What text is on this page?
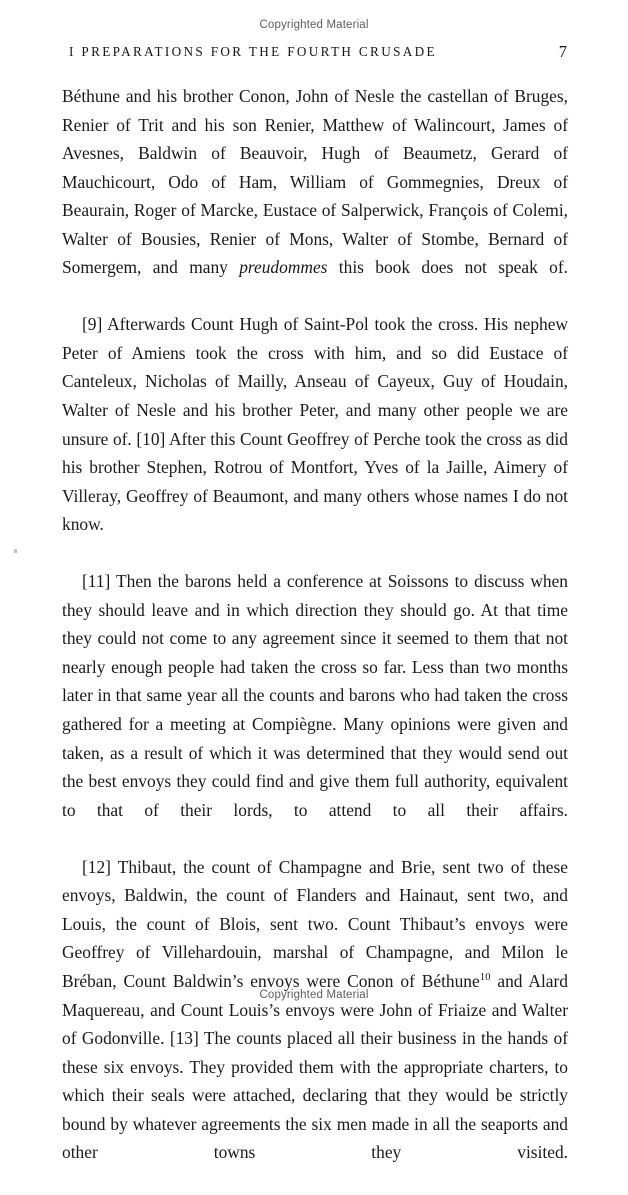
Copyrighted Material
I PREPARATIONS FOR THE FOURTH CRUSADE	7

Béthune and his brother Conon, John of Nesle the castellan of Bruges, Renier of Trit and his son Renier, Matthew of Walincourt, James of Avesnes, Baldwin of Beauvoir, Hugh of Beaumetz, Gerard of Mauchicourt, Odo of Ham, William of Gommegnies, Dreux of Beaurain, Roger of Marcke, Eustace of Salperwick, François of Colemi, Walter of Bousies, Renier of Mons, Walter of Stombe, Bernard of Somergem, and many preudommes this book does not speak of.

[9] Afterwards Count Hugh of Saint-Pol took the cross. His nephew Peter of Amiens took the cross with him, and so did Eustace of Canteleux, Nicholas of Mailly, Anseau of Cayeux, Guy of Houdain, Walter of Nesle and his brother Peter, and many other people we are unsure of. [10] After this Count Geoffrey of Perche took the cross as did his brother Stephen, Rotrou of Montfort, Yves of la Jaille, Aimery of Villeray, Geoffrey of Beaumont, and many others whose names I do not know.

[11] Then the barons held a conference at Soissons to discuss when they should leave and in which direction they should go. At that time they could not come to any agreement since it seemed to them that not nearly enough people had taken the cross so far. Less than two months later in that same year all the counts and barons who had taken the cross gathered for a meeting at Compiègne. Many opinions were given and taken, as a result of which it was determined that they would send out the best envoys they could find and give them full authority, equivalent to that of their lords, to attend to all their affairs.

[12] Thibaut, the count of Champagne and Brie, sent two of these envoys, Baldwin, the count of Flanders and Hainaut, sent two, and Louis, the count of Blois, sent two. Count Thibaut’s envoys were Geoffrey of Villehardouin, marshal of Champagne, and Milon le Bréban, Count Baldwin’s envoys were Conon of Béthune$^{10}$ and Alard Maquereau, and Count Louis’s envoys were John of Friaize and Walter of Godonville. [13] The counts placed all their business in the hands of these six envoys. They provided them with the appropriate charters, to which their seals were attached, declaring that they would be strictly bound by whatever agreements the six men made in all the seaports and other towns they visited.

Copyrighted Material
